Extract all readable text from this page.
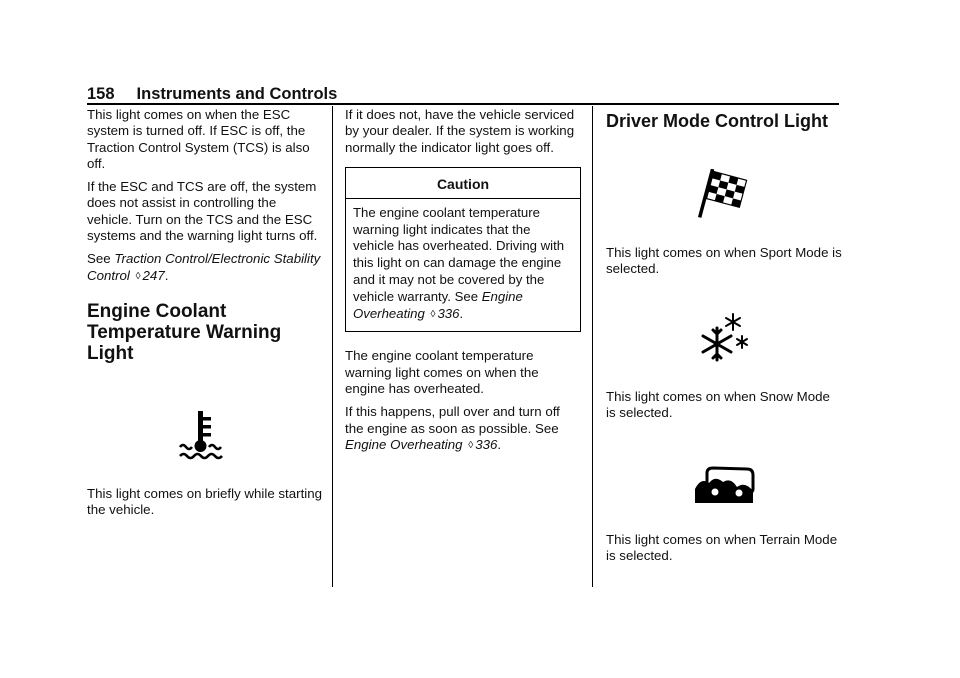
158 Instruments and Controls

This light comes on when the ESC system is turned off. If ESC is off, the Traction Control System (TCS) is also off.

If the ESC and TCS are off, the system does not assist in controlling the vehicle. Turn on the TCS and the ESC systems and the warning light turns off.

See Traction Control/Electronic Stability Control ◊ 247.

Engine Coolant
Temperature Warning
Light

This light comes on briefly while starting the vehicle.

If it does not, have the vehicle serviced by your dealer. If the system is working normally the indicator light goes off.

Caution
The engine coolant temperature warning light indicates that the vehicle has overheated. Driving with this light on can damage the engine and it may not be covered by the vehicle warranty. See Engine Overheating ◊ 336.

The engine coolant temperature warning light comes on when the engine has overheated.

If this happens, pull over and turn off the engine as soon as possible. See Engine Overheating ◊ 336.

Driver Mode Control Light

This light comes on when Sport Mode is selected.

This light comes on when Snow Mode is selected.

This light comes on when Terrain Mode is selected.
